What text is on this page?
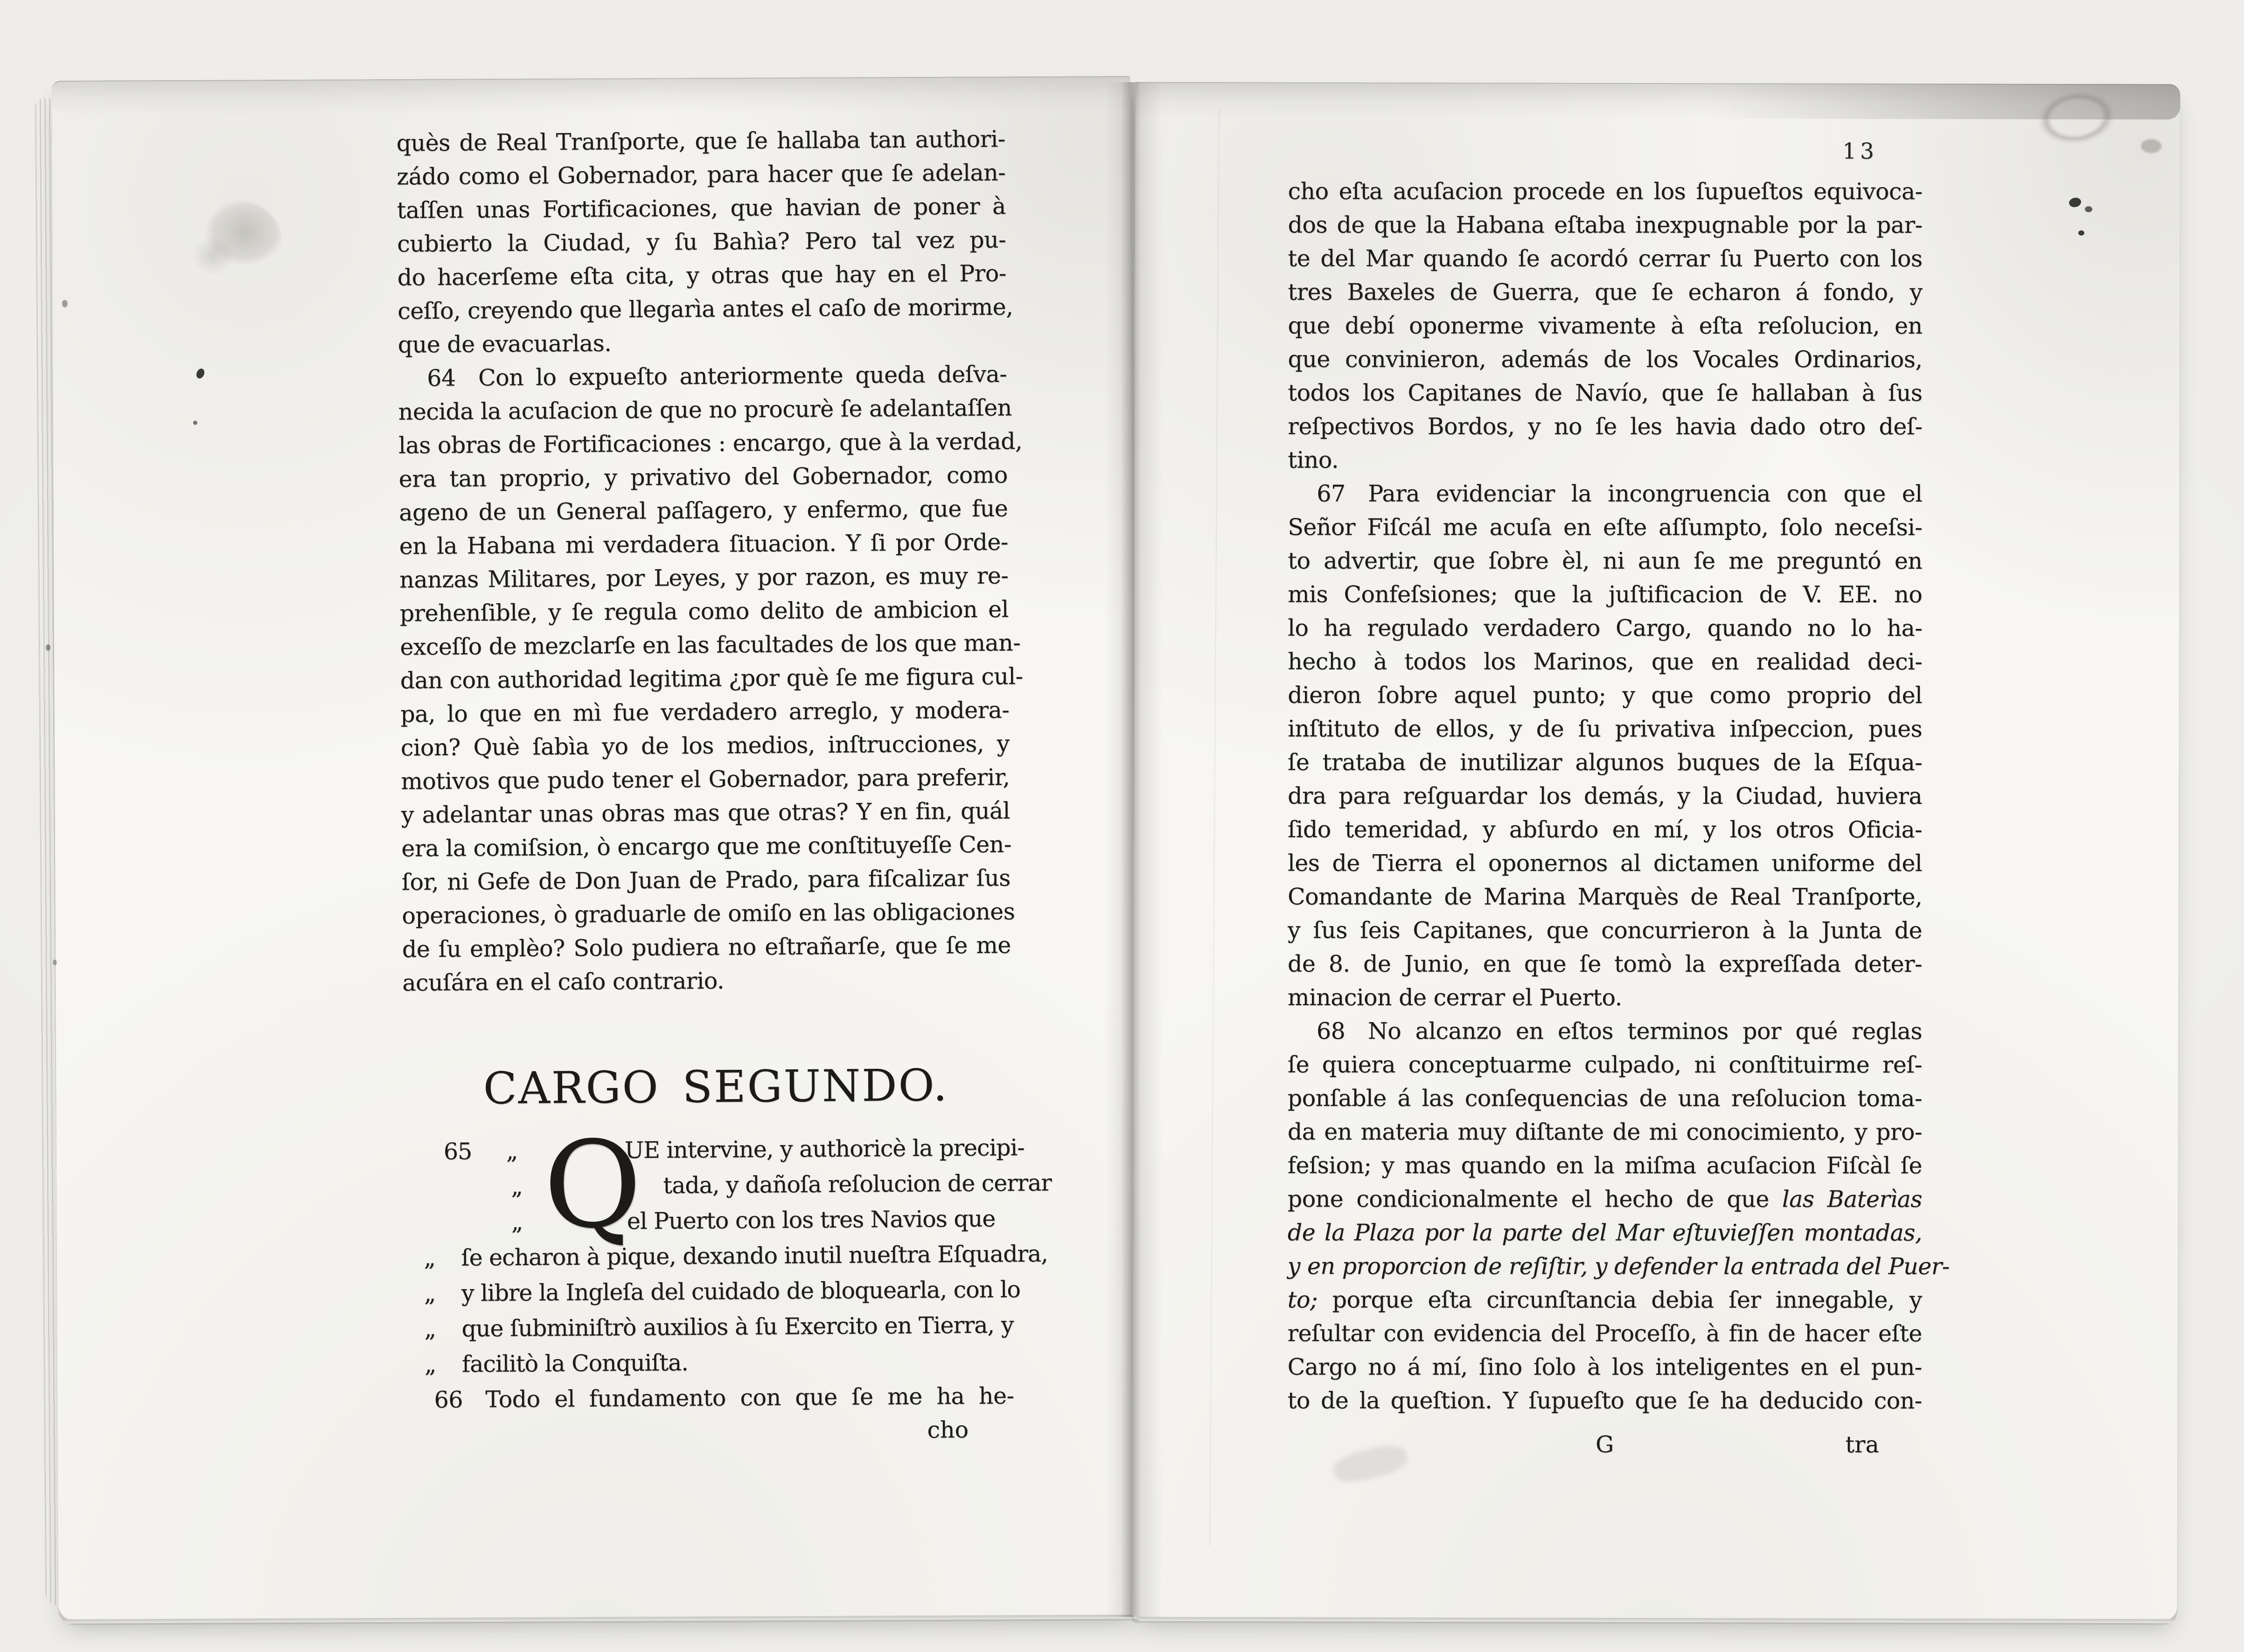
quès de Real Tranſporte, que ſe hallaba tan authori-
zádo como el Gobernador, para hacer que ſe adelan-
taſſen unas Fortificaciones, que havian de poner à
cubierto la Ciudad, y ſu Bahìa? Pero tal vez pu-
do hacerſeme eſta cita, y otras que hay en el Pro-
ceſſo, creyendo que llegarìa antes el caſo de morirme,
que de evacuarlas.
64 Con lo expueſto anteriormente queda deſva-
necida la acuſacion de que no procurè ſe adelantaſſen
las obras de Fortificaciones : encargo, que à la verdad,
era tan proprio, y privativo del Gobernador, como
ageno de un General paſſagero, y enfermo, que fue
en la Habana mi verdadera ſituacion. Y ſi por Orde-
nanzas Militares, por Leyes, y por razon, es muy re-
prehenſible, y ſe regula como delito de ambicion el
exceſſo de mezclarſe en las facultades de los que man-
dan con authoridad legitima ¿por què ſe me figura cul-
pa, lo que en mì fue verdadero arreglo, y modera-
cion? Què ſabìa yo de los medios, inſtrucciones, y
motivos que pudo tener el Gobernador, para preferir,
y adelantar unas obras mas que otras? Y en fin, quál
era la comiſsion, ò encargo que me conſtituyeſſe Cen-
ſor, ni Gefe de Don Juan de Prado, para fiſcalizar ſus
operaciones, ò graduarle de omiſo en las obligaciones
de ſu emplèo? Solo pudiera no eſtrañarſe, que ſe me
acuſára en el caſo contrario.
CARGO SEGUNDO.
Q
65 „	UE intervine, y authoricè la precipi-
„	tada, y dañoſa reſolucion de cerrar
„	el Puerto con los tres Navios que
„ ſe echaron à pique, dexando inutil nueſtra Eſquadra,
„ y libre la Ingleſa del cuidado de bloquearla, con lo
„ que ſubminiſtrò auxilios à ſu Exercito en Tierra, y
„ facilitò la Conquiſta.
66 Todo el fundamento con que ſe me ha he-
cho
13
cho eſta acuſacion procede en los ſupueſtos equivoca-
dos de que la Habana eſtaba inexpugnable por la par-
te del Mar quando ſe acordó cerrar ſu Puerto con los
tres Baxeles de Guerra, que ſe echaron á fondo, y
que debí oponerme vivamente à eſta reſolucion, en
que convinieron, además de los Vocales Ordinarios,
todos los Capitanes de Navío, que ſe hallaban à ſus
reſpectivos Bordos, y no ſe les havia dado otro deſ-
tino.
67 Para evidenciar la incongruencia con que el
Señor Fiſcál me acuſa en eſte aſſumpto, ſolo neceſsi-
to advertir, que ſobre èl, ni aun ſe me preguntó en
mis Confeſsiones; que la juſtificacion de V. EE. no
lo ha regulado verdadero Cargo, quando no lo ha-
hecho à todos los Marinos, que en realidad deci-
dieron ſobre aquel punto; y que como proprio del
inſtituto de ellos, y de ſu privativa inſpeccion, pues
ſe trataba de inutilizar algunos buques de la Eſqua-
dra para reſguardar los demás, y la Ciudad, huviera
ſido temeridad, y abſurdo en mí, y los otros Oficia-
les de Tierra el oponernos al dictamen uniforme del
Comandante de Marina Marquès de Real Tranſporte,
y ſus ſeis Capitanes, que concurrieron à la Junta de
de 8. de Junio, en que ſe tomò la expreſſada deter-
minacion de cerrar el Puerto.
68 No alcanzo en eſtos terminos por qué reglas
ſe quiera conceptuarme culpado, ni conſtituirme reſ-
ponſable á las conſequencias de una reſolucion toma-
da en materia muy diſtante de mi conocimiento, y pro-
feſsion; y mas quando en la miſma acuſacion Fiſcàl ſe
pone condicionalmente el hecho de que las Baterìas
de la Plaza por la parte del Mar eſtuvieſſen montadas,
y en proporcion de reſiſtir, y defender la entrada del Puer-
to; porque eſta circunſtancia debia ſer innegable, y
reſultar con evidencia del Proceſſo, à fin de hacer eſte
Cargo no á mí, ſino ſolo à los inteligentes en el pun-
to de la queſtion. Y ſupueſto que ſe ha deducido con-
G	tra
